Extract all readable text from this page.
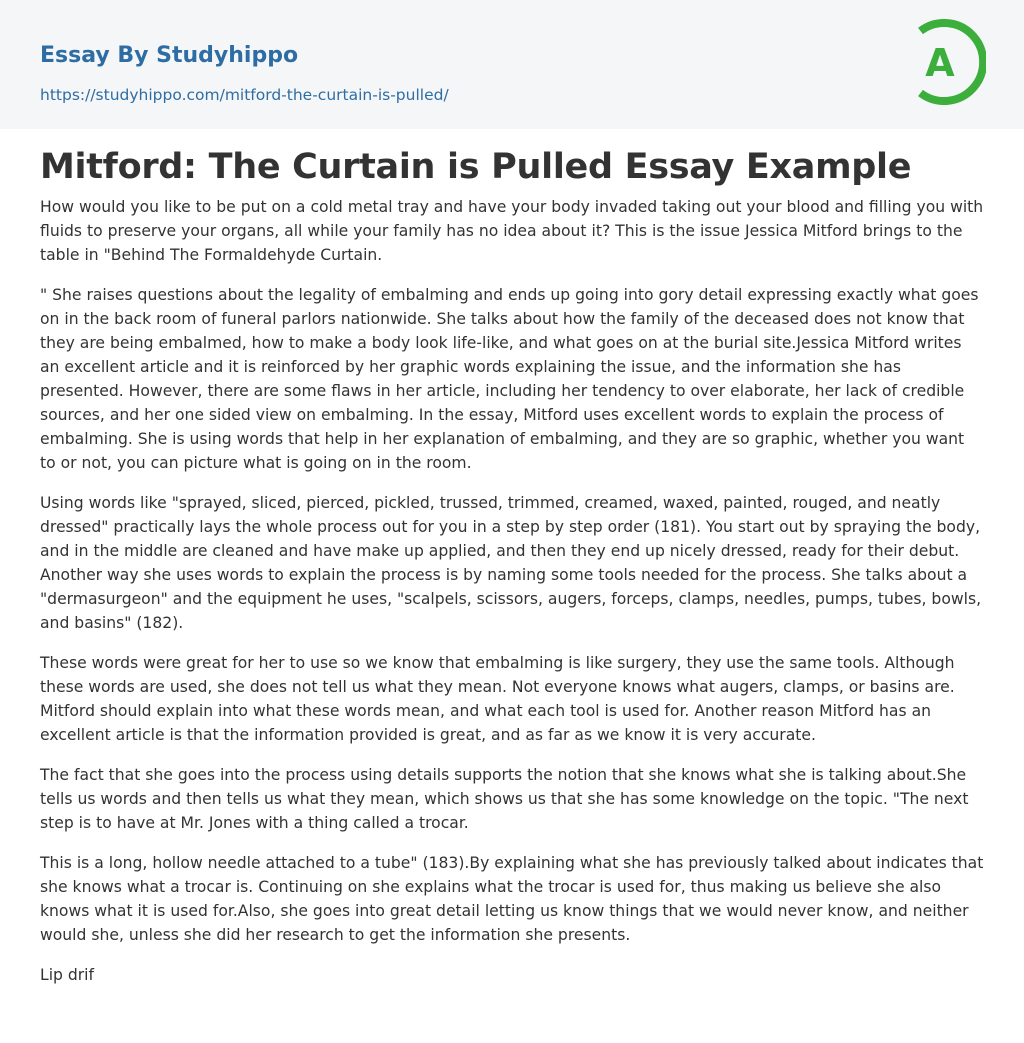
Essay By Studyhippo

https://studyhippo.com/mitford-the-curtain-is-pulled/
A
Mitford: The Curtain is Pulled Essay Example

How would you like to be put on a cold metal tray and have your body invaded taking out your blood and filling you with fluids to preserve your organs, all while your family has no idea about it? This is the issue Jessica Mitford brings to the table in "Behind The Formaldehyde Curtain.

" She raises questions about the legality of embalming and ends up going into gory detail expressing exactly what goes on in the back room of funeral parlors nationwide. She talks about how the family of the deceased does not know that they are being embalmed, how to make a body look life-like, and what goes on at the burial site.Jessica Mitford writes an excellent article and it is reinforced by her graphic words explaining the issue, and the information she has presented. However, there are some flaws in her article, including her tendency to over elaborate, her lack of credible sources, and her one sided view on embalming. In the essay, Mitford uses excellent words to explain the process of embalming. She is using words that help in her explanation of embalming, and they are so graphic, whether you want to or not, you can picture what is going on in the room.

Using words like "sprayed, sliced, pierced, pickled, trussed, trimmed, creamed, waxed, painted, rouged, and neatly dressed" practically lays the whole process out for you in a step by step order (181). You start out by spraying the body, and in the middle are cleaned and have make up applied, and then they end up nicely dressed, ready for their debut. Another way she uses words to explain the process is by naming some tools needed for the process. She talks about a "dermasurgeon" and the equipment he uses, "scalpels, scissors, augers, forceps, clamps, needles, pumps, tubes, bowls, and basins" (182).

These words were great for her to use so we know that embalming is like surgery, they use the same tools. Although these words are used, she does not tell us what they mean. Not everyone knows what augers, clamps, or basins are. Mitford should explain into what these words mean, and what each tool is used for. Another reason Mitford has an excellent article is that the information provided is great, and as far as we know it is very accurate.

The fact that she goes into the process using details supports the notion that she knows what she is talking about.She tells us words and then tells us what they mean, which shows us that she has some knowledge on the topic. "The next step is to have at Mr. Jones with a thing called a trocar.

This is a long, hollow needle attached to a tube" (183).By explaining what she has previously talked about indicates that she knows what a trocar is. Continuing on she explains what the trocar is used for, thus making us believe she also knows what it is used for.Also, she goes into great detail letting us know things that we would never know, and neither would she, unless she did her research to get the information she presents.

Lip drif
